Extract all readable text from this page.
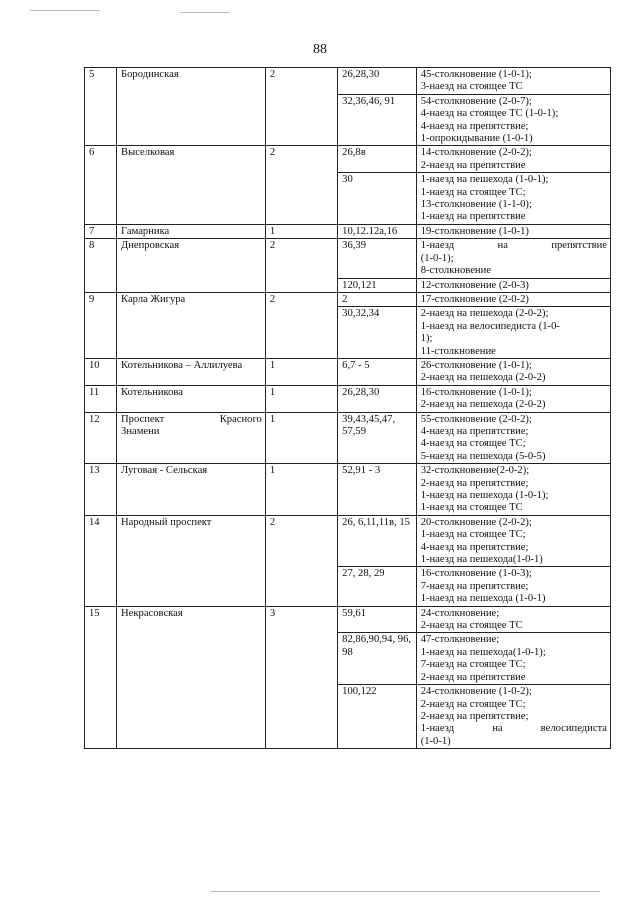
88
5	Бородинская	2	26,28,30	45-столкновение (1-0-1);
3-наезд на стоящее ТС

			32,36,46, 91	54-столкновение (2-0-7);
4-наезд на стоящее ТС (1-0-1);
4-наезд на препятствие;
1-опрокидывание (1-0-1)

6	Выселковая	2	26,8в	14-столкновение (2-0-2);
2-наезд на препятствие

			30	1-наезд на пешехода (1-0-1);
1-наезд на стоящее ТС;
13-столкновение (1-1-0);
1-наезд на препятствие

7	Гамарника	1	10,12.12а,16	19-столкновение (1-0-1)

8	Днепровская	2	36,39	1-наезд на препятствие
(1-0-1);
8-столкновение

			120,121	12-столкновение (2-0-3)

9	Карла Жигура	2	2	17-столкновение (2-0-2)

			30,32,34	2-наезд на пешехода (2-0-2);
1-наезд на велосипедиста (1-0-
1);
11-столкновение

10	Котельникова – Аллилуева	1	6,7 - 5	26-столкновение (1-0-1);
2-наезд на пешехода (2-0-2)

11	Котельникова	1	26,28,30	16-столкновение (1-0-1);
2-наезд на пешехода (2-0-2)

12	Проспект Красного
Знамени	1	39,43,45,47, 57,59	55-столкновение (2-0-2);
4-наезд на препятствие;
4-наезд на стоящее ТС;
5-наезд на пешехода (5-0-5)

13	Луговая - Сельская	1	52,91 - 3	32-столкновение(2-0-2);
2-наезд на препятствие;
1-наезд на пешехода (1-0-1);
1-наезд на стоящее ТС

14	Народный проспект	2	26, 6,11,11в, 15	20-столкновение (2-0-2);
1-наезд на стоящее ТС;
4-наезд на препятствие;
1-наезд на пешехода(1-0-1)

			27, 28, 29	16-столкновение (1-0-3);
7-наезд на препятствие;
1-наезд на пешехода (1-0-1)

15	Некрасовская	3	59,61	24-столкновение;
2-наезд на стоящее ТС

			82,86,90,94, 96, 98	47-столкновение;
1-наезд на пешехода(1-0-1);
7-наезд на стоящее ТС;
2-наезд на препятствие

			100,122	24-столкновение (1-0-2);
2-наезд на стоящее ТС;
2-наезд на препятствие;
1-наезд на велосипедиста
(1-0-1)
